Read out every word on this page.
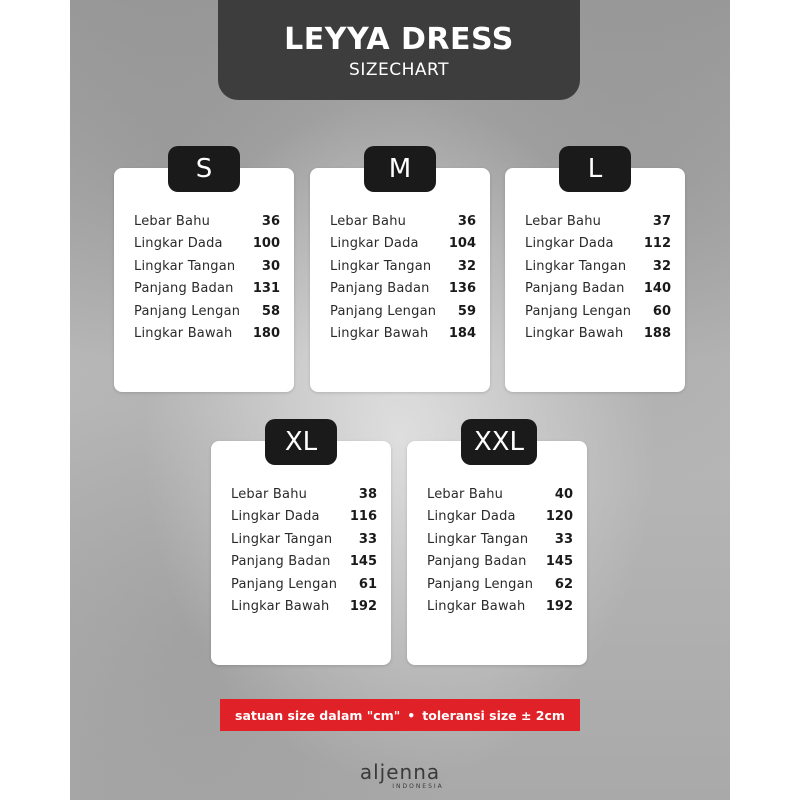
LEYYA DRESS
SIZECHART
Lebar Bahu	36
Lingkar Dada 100
Lingkar Tangan 30
Panjang Badan 131
Panjang Lengan 58
Lingkar Bawah 180
S
Lebar Bahu	36
Lingkar Dada 104
Lingkar Tangan 32
Panjang Badan 136
Panjang Lengan 59
Lingkar Bawah 184
M
Lebar Bahu	37
Lingkar Dada 112
Lingkar Tangan 32
Panjang Badan 140
Panjang Lengan 60
Lingkar Bawah 188
L
Lebar Bahu	38
Lingkar Dada 116
Lingkar Tangan 33
Panjang Badan 145
Panjang Lengan 61
Lingkar Bawah 192
XL
Lebar Bahu	40
Lingkar Dada 120
Lingkar Tangan 33
Panjang Badan 145
Panjang Lengan 62
Lingkar Bawah 192
XXL
satuan size dalam "cm" • toleransi size ± 2cm
aljenna
INDONESIA
